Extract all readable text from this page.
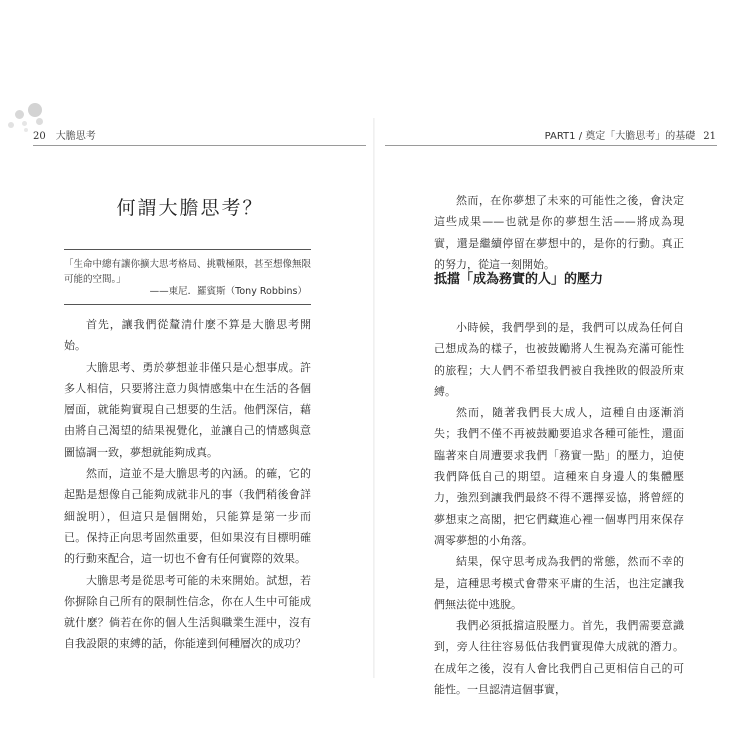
20 大膽思考
何謂大膽思考？
「生命中總有讓你擴大思考格局、挑戰極限，甚至想像無限可能的空間。」
——東尼．羅賓斯（Tony Robbins）

首先，讓我們從釐清什麼不算是大膽思考開始。

大膽思考、勇於夢想並非僅只是心想事成。許多人相信，只要將注意力與情感集中在生活的各個層面，就能夠實現自己想要的生活。他們深信，藉由將自己渴望的結果視覺化，並讓自己的情感與意圖協調一致，夢想就能夠成真。

然而，這並不是大膽思考的內涵。的確，它的起點是想像自己能夠成就非凡的事（我們稍後會詳細說明），但這只是個開始，只能算是第一步而已。保持正向思考固然重要，但如果沒有目標明確的行動來配合，這一切也不會有任何實際的效果。

大膽思考是從思考可能的未來開始。試想，若你摒除自己所有的限制性信念，你在人生中可能成就什麼？倘若在你的個人生活與職業生涯中，沒有自我設限的束縛的話，你能達到何種層次的成功？

PART1 / 奠定「大膽思考」的基礎 21

然而，在你夢想了未來的可能性之後，會決定這些成果——也就是你的夢想生活——將成為現實，還是繼續停留在夢想中的，是你的行動。真正的努力，從這一刻開始。

抵擋「成為務實的人」的壓力

小時候，我們學到的是，我們可以成為任何自己想成為的樣子，也被鼓勵將人生視為充滿可能性的旅程；大人們不希望我們被自我挫敗的假設所束縛。

然而，隨著我們長大成人，這種自由逐漸消失；我們不僅不再被鼓勵要追求各種可能性，還面臨著來自周遭要求我們「務實一點」的壓力，迫使我們降低自己的期望。這種來自身邊人的集體壓力，強烈到讓我們最終不得不選擇妥協，將曾經的夢想束之高閣，把它們藏進心裡一個專門用來保存凋零夢想的小角落。

結果，保守思考成為我們的常態，然而不幸的是，這種思考模式會帶來平庸的生活，也注定讓我們無法從中逃脫。

我們必須抵擋這股壓力。首先，我們需要意識到，旁人往往容易低估我們實現偉大成就的潛力。在成年之後，沒有人會比我們自己更相信自己的可能性。一旦認清這個事實，
